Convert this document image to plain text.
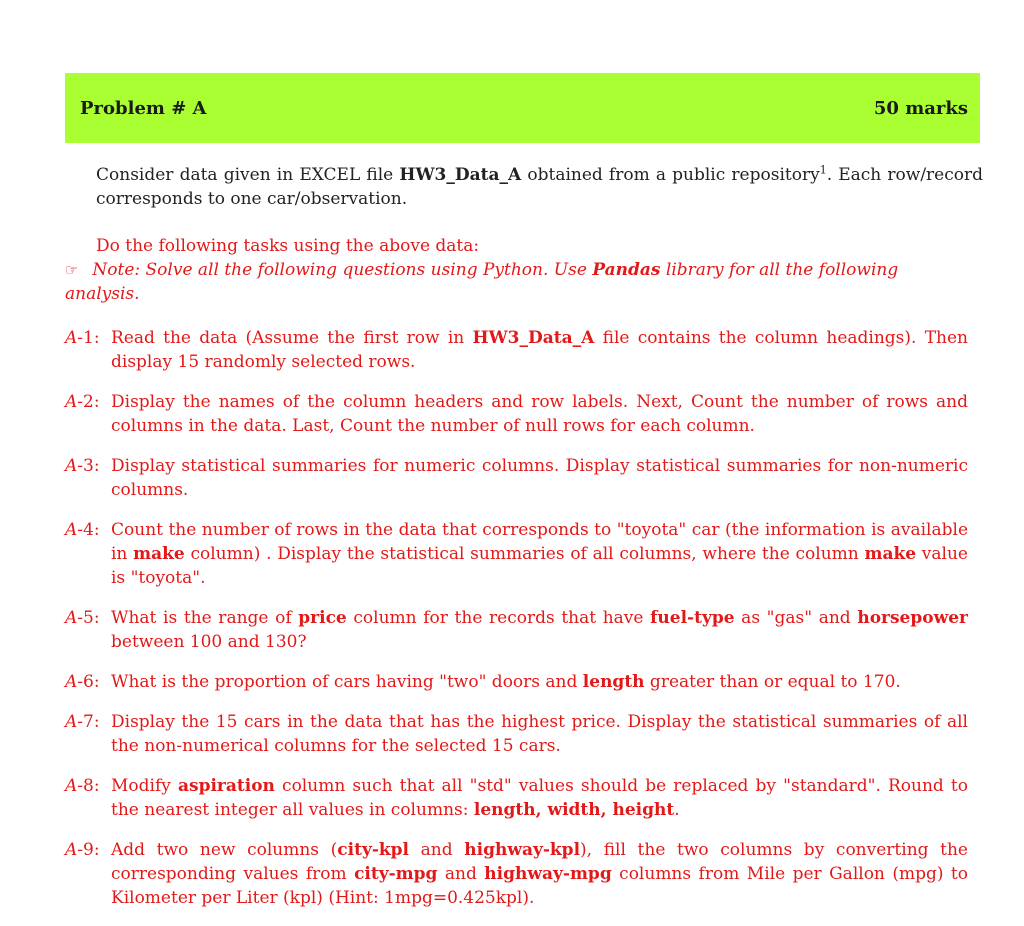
Problem # A	50 marks
Consider data given in EXCEL file HW3_Data_A obtained from a public repository$^1$. Each row/record corresponds to one car/observation.
Do the following tasks using the above data:
☞ Note: Solve all the following questions using Python. Use Pandas library for all the following analysis.
A-1: Read the data (Assume the first row in HW3_Data_A file contains the column headings). Then display 15 randomly selected rows.
A-2: Display the names of the column headers and row labels. Next, Count the number of rows and columns in the data. Last, Count the number of null rows for each column.
A-3: Display statistical summaries for numeric columns. Display statistical summaries for non-numeric columns.
A-4: Count the number of rows in the data that corresponds to "toyota" car (the information is available in make column) . Display the statistical summaries of all columns, where the column make value is "toyota".
A-5: What is the range of price column for the records that have fuel-type as "gas" and horsepower between 100 and 130?
A-6: What is the proportion of cars having "two" doors and length greater than or equal to 170.
A-7: Display the 15 cars in the data that has the highest price. Display the statistical summaries of all the non-numerical columns for the selected 15 cars.
A-8: Modify aspiration column such that all "std" values should be replaced by "standard". Round to the nearest integer all values in columns: length, width, height.
A-9: Add two new columns (city-kpl and highway-kpl), fill the two columns by converting the corresponding values from city-mpg and highway-mpg columns from Mile per Gallon (mpg) to Kilometer per Liter (kpl) (Hint: 1mpg=0.425kpl).
